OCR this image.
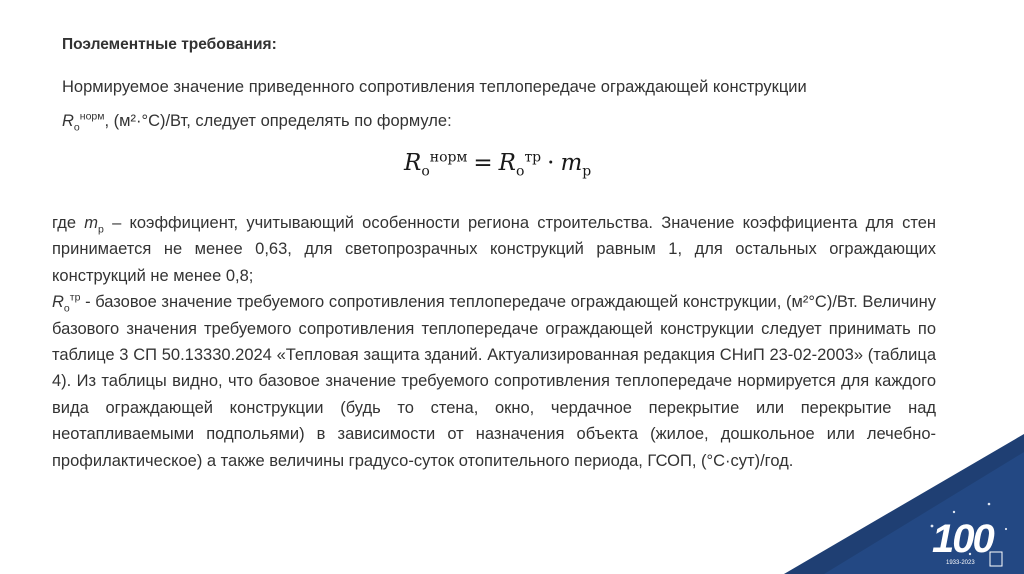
Поэлементные требования:
Нормируемое значение приведенного сопротивления теплопередаче ограждающей конструкции
$R_о^{норм}$, (м²·°С)/Вт, следует определять по формуле:
$R_о^{норм} = R_о^{тр} \cdot m_р$

где $m_р$ – коэффициент, учитывающий особенности региона строительства. Значение коэффициента для стен принимается не менее 0,63, для светопрозрачных конструкций равным 1, для остальных ограждающих конструкций не менее 0,8;

$R_о^{тр}$ - базовое значение требуемого сопротивления теплопередаче ограждающей конструкции, (м²°С)/Вт. Величину базового значения требуемого сопротивления теплопередаче ограждающей конструкции следует принимать по таблице 3 СП 50.13330.2024 «Тепловая защита зданий. Актуализированная редакция СНиП 23-02-2003» (таблица 4). Из таблицы видно, что базовое значение требуемого сопротивления теплопередаче нормируется для каждого вида ограждающей конструкции (будь то стена, окно, чердачное перекрытие или перекрытие над неотапливаемыми подпольями) в зависимости от назначения объекта (жилое, дошкольное или лечебно-профилактическое) а также величины градусо-суток отопительного периода, ГСОП, (°С·сут)/год.

100
1933-2023
